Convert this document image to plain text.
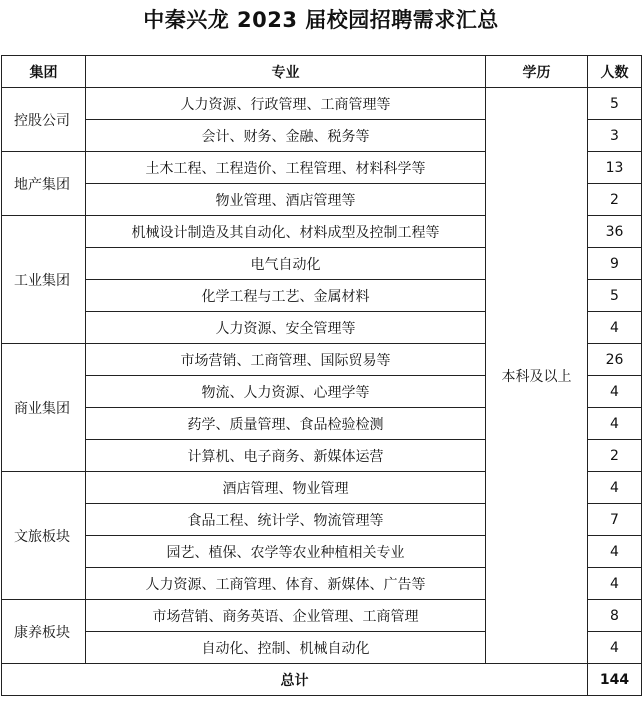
中秦兴龙 2023 届校园招聘需求汇总
集团	专业	学历	人数
控股公司	人力资源、行政管理、工商管理等	本科及以上	5
	会计、财务、金融、税务等		3
地产集团	土木工程、工程造价、工程管理、材料科学等		13
	物业管理、酒店管理等		2
工业集团	机械设计制造及其自动化、材料成型及控制工程等		36
	电气自动化		9
	化学工程与工艺、金属材料		5
	人力资源、安全管理等		4
商业集团	市场营销、工商管理、国际贸易等		26
	物流、人力资源、心理学等		4
	药学、质量管理、食品检验检测		4
	计算机、电子商务、新媒体运营		2
文旅板块	酒店管理、物业管理		4
	食品工程、统计学、物流管理等		7
	园艺、植保、农学等农业种植相关专业		4
	人力资源、工商管理、体育、新媒体、广告等		4
康养板块	市场营销、商务英语、企业管理、工商管理		8
	自动化、控制、机械自动化		4
总计			144
